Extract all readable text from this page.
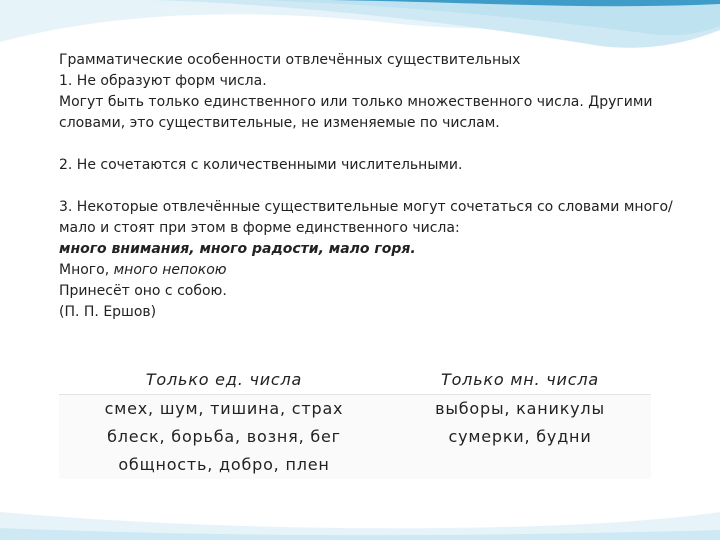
Грамматические особенности отвлечённых существительных

1. Не образуют форм числа.

Могут быть только единственного или только множественного числа. Другими словами, это существительные, не изменяемые по числам.

2. Не сочетаются с количественными числительными.

3. Некоторые отвлечённые существительные могут сочетаться со словами много/мало и стоят при этом в форме единственного числа:

много внимания, много радости, мало горя.

Много, много непокою

Принесёт оно с собою.

(П. П. Ершов)

Только ед. числа	Только мн. числа
смех, шум, тишина, страх	выборы, каникулы
блеск, борьба, возня, бег	сумерки, будни
общность, добро, плен
